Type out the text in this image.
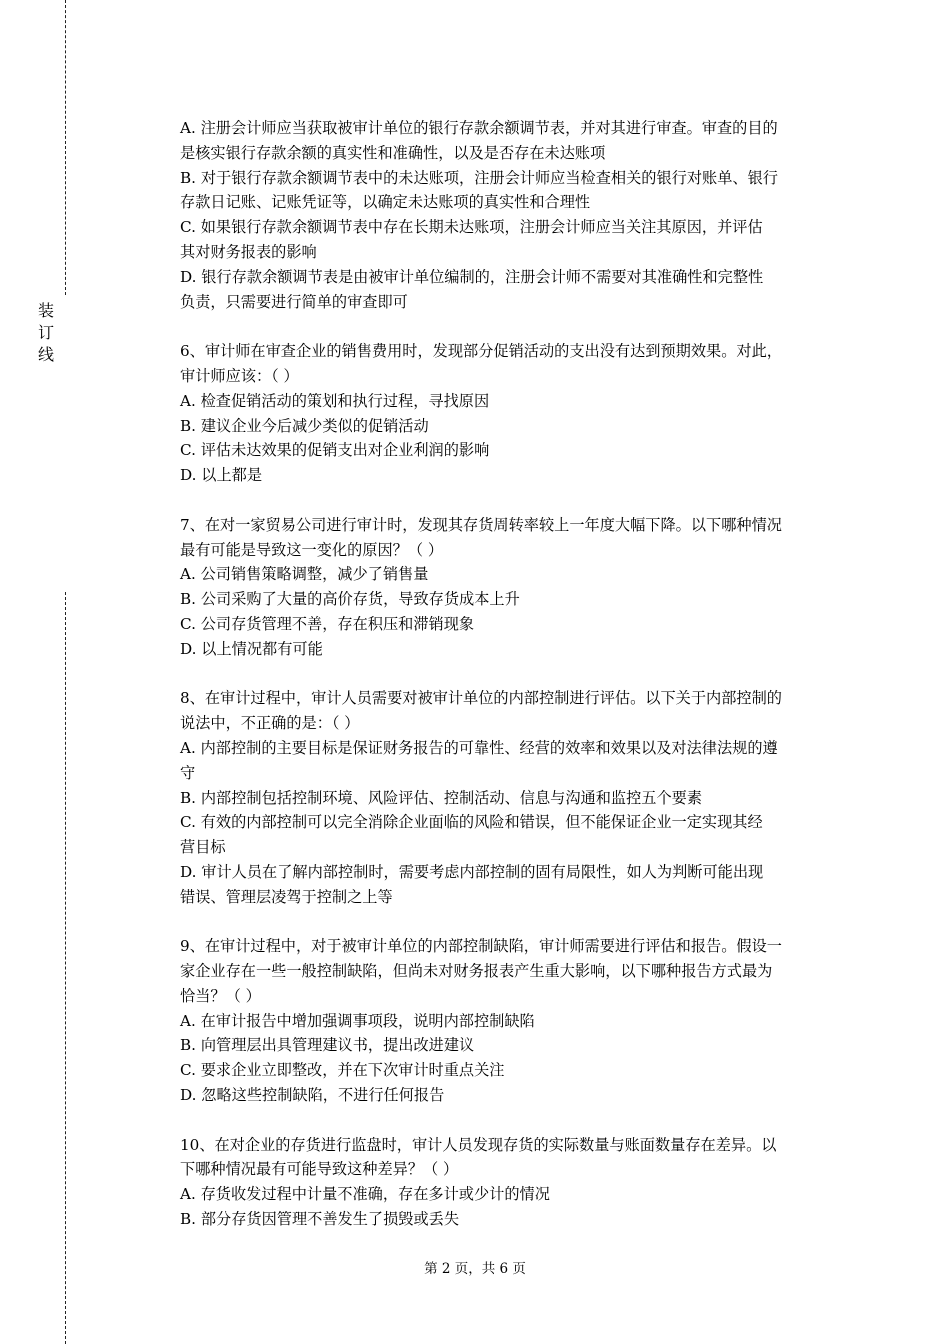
装
订
线
A. 注册会计师应当获取被审计单位的银行存款余额调节表，并对其进行审查。审查的目的
是核实银行存款余额的真实性和准确性，以及是否存在未达账项
B. 对于银行存款余额调节表中的未达账项，注册会计师应当检查相关的银行对账单、银行
存款日记账、记账凭证等，以确定未达账项的真实性和合理性
C. 如果银行存款余额调节表中存在长期未达账项，注册会计师应当关注其原因，并评估
其对财务报表的影响
D. 银行存款余额调节表是由被审计单位编制的，注册会计师不需要对其准确性和完整性
负责，只需要进行简单的审查即可
6、审计师在审查企业的销售费用时，发现部分促销活动的支出没有达到预期效果。对此，
审计师应该：（ ）
A. 检查促销活动的策划和执行过程，寻找原因
B. 建议企业今后减少类似的促销活动
C. 评估未达效果的促销支出对企业利润的影响
D. 以上都是
7、在对一家贸易公司进行审计时，发现其存货周转率较上一年度大幅下降。以下哪种情况
最有可能是导致这一变化的原因？（ ）
A. 公司销售策略调整，减少了销售量
B. 公司采购了大量的高价存货，导致存货成本上升
C. 公司存货管理不善，存在积压和滞销现象
D. 以上情况都有可能
8、在审计过程中，审计人员需要对被审计单位的内部控制进行评估。以下关于内部控制的
说法中，不正确的是：（ ）
A. 内部控制的主要目标是保证财务报告的可靠性、经营的效率和效果以及对法律法规的遵
守
B. 内部控制包括控制环境、风险评估、控制活动、信息与沟通和监控五个要素
C. 有效的内部控制可以完全消除企业面临的风险和错误，但不能保证企业一定实现其经
营目标
D. 审计人员在了解内部控制时，需要考虑内部控制的固有局限性，如人为判断可能出现
错误、管理层凌驾于控制之上等
9、在审计过程中，对于被审计单位的内部控制缺陷，审计师需要进行评估和报告。假设一
家企业存在一些一般控制缺陷，但尚未对财务报表产生重大影响，以下哪种报告方式最为
恰当？（ ）
A. 在审计报告中增加强调事项段，说明内部控制缺陷
B. 向管理层出具管理建议书，提出改进建议
C. 要求企业立即整改，并在下次审计时重点关注
D. 忽略这些控制缺陷，不进行任何报告
10、在对企业的存货进行监盘时，审计人员发现存货的实际数量与账面数量存在差异。以
下哪种情况最有可能导致这种差异？（ ）
A. 存货收发过程中计量不准确，存在多计或少计的情况
B. 部分存货因管理不善发生了损毁或丢失
第 2 页，共 6 页
